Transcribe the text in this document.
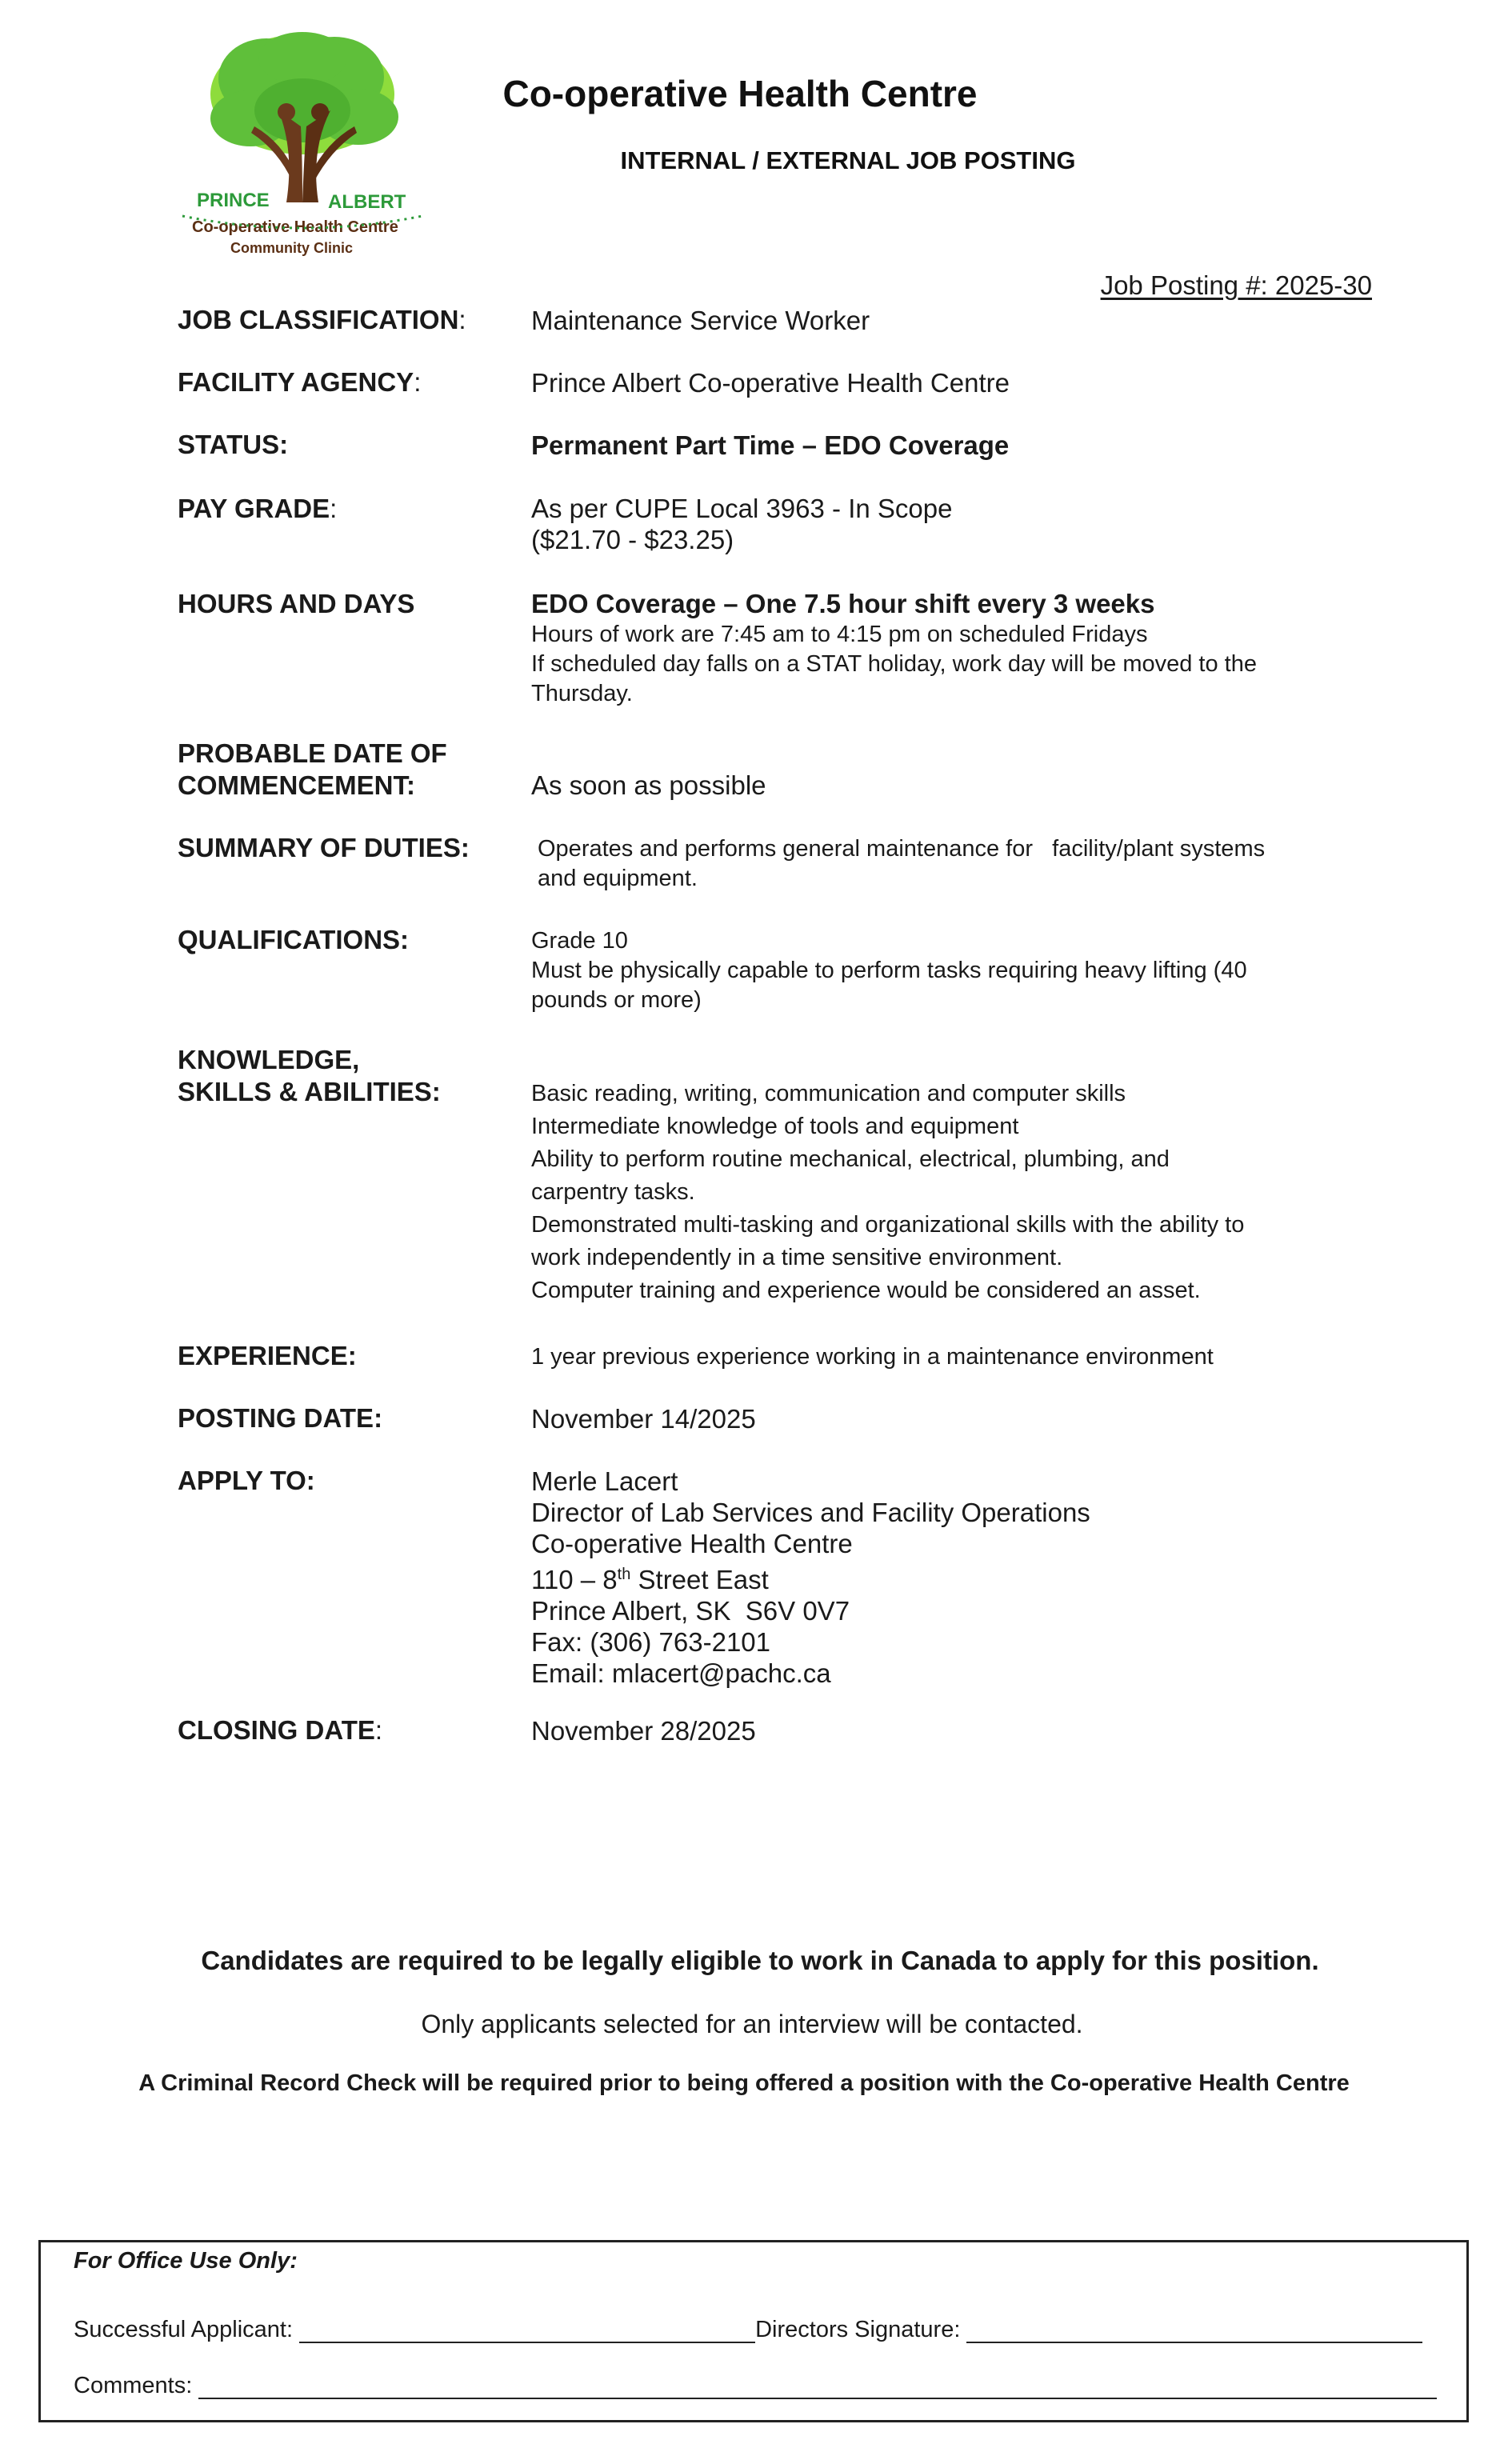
PRINCE	ALBERT
Co-operative Health Centre
Community Clinic
Co-operative Health Centre
INTERNAL / EXTERNAL JOB POSTING
Job Posting #: 2025-30
JOB CLASSIFICATION: Maintenance Service Worker
FACILITY AGENCY:	Prince Albert Co-operative Health Centre
STATUS:	Permanent Part Time – EDO Coverage
PAY GRADE:	As per CUPE Local 3963 - In Scope
($21.70 - $23.25)
HOURS AND DAYS	EDO Coverage – One 7.5 hour shift every 3 weeks
Hours of work are 7:45 am to 4:15 pm on scheduled Fridays
If scheduled day falls on a STAT holiday, work day will be moved to the
Thursday.
PROBABLE DATE OF
COMMENCEMENT:	As soon as possible
SUMMARY OF DUTIES:	Operates and performs general maintenance for   facility/plant systems
and equipment.
QUALIFICATIONS:	Grade 10
Must be physically capable to perform tasks requiring heavy lifting (40
pounds or more)
KNOWLEDGE,
SKILLS & ABILITIES:	Basic reading, writing, communication and computer skills
Intermediate knowledge of tools and equipment
Ability to perform routine mechanical, electrical, plumbing, and
carpentry tasks.
Demonstrated multi-tasking and organizational skills with the ability to
work independently in a time sensitive environment.
Computer training and experience would be considered an asset.
EXPERIENCE:	1 year previous experience working in a maintenance environment
POSTING DATE:	November 14/2025
APPLY TO:	Merle Lacert
Director of Lab Services and Facility Operations
Co-operative Health Centre
110 – 8th Street East
Prince Albert, SK  S6V 0V7
Fax: (306) 763-2101
Email: mlacert@pachc.ca
CLOSING DATE:	November 28/2025
Candidates are required to be legally eligible to work in Canada to apply for this position.
Only applicants selected for an interview will be contacted.
A Criminal Record Check will be required prior to being offered a position with the Co-operative Health Centre
For Office Use Only:
Successful Applicant:	Directors Signature:
Comments:
